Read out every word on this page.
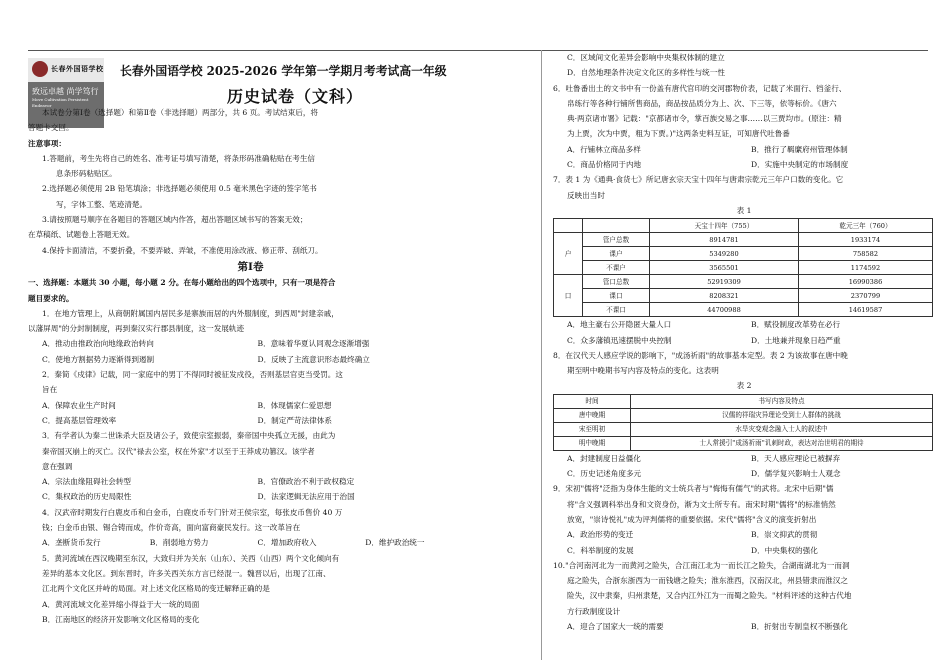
长春外国语学校
致远卓越 尚学笃行
Move Cultivation Persistent Endeavor
长春外国语学校 2025-2026 学年第一学期月考考试高一年级
历史试卷（文科）

本试卷分第Ⅰ卷（选择题）和第Ⅱ卷（非选择题）两部分，共 6 页。考试结束后，将

答题卡交回。

注意事项：

1.答题前，考生先将自己的姓名、准考证号填写清楚，将条形码准确粘贴在考生信

息条形码粘贴区。

2.选择题必须使用 2B 铅笔填涂；非选择题必须使用 0.5 毫米黑色字迹的签字笔书

写，字体工整、笔迹清楚。

3.请按照题号顺序在各题目的答题区域内作答，超出答题区域书写的答案无效；

在草稿纸、试题卷上答题无效。

4.保持卡面清洁，不要折叠，不要弄破、弄皱，不准使用涂改液、修正带、刮纸刀。

第Ⅰ卷

一、选择题：本题共 30 小题，每小题 2 分。在每小题给出的四个选项中，只有一项是符合

题目要求的。

1．在地方管理上，从商朝附属国内居民多是寨族而居的内外服制度，到西周"封建亲戚，

以藩屏周"的分封制制度，再到秦汉实行郡县制度，这一发展轨迹

A．推动由推政治向地缘政治转向	B．意味着华夏认同观念逐渐增强
C．使地方割据势力逐渐得到遏制	D．反映了主流意识形态最终确立

2．秦简《戍律》记载，同一家庭中的男丁不得同时被征发戍役，否则基层官吏当受罚。这

旨在

A．保障农业生产时间	B．体现儒家仁爱思想
C．提高基层管理效率	D．制定严苛法律体系

3．有学者认为秦二世诛杀大臣及诸公子，致使宗室振弱，秦帝国中央孤立无援，由此为

秦帝国灭崩上的灭亡。汉代"禄去公室，权在外家"才以至于王莽成功篡汉。该学者

意在强调

A．宗法血缘阻碍社会转型	B．官僚政治不利于政权稳定
C．集权政治的历史局限性	D．法家逻辑无法应用于治国

4．汉武帝时期发行白鹿皮币和白金币，白鹿皮币专门针对王侯宗室，每张皮币售价 40 万

钱；白金币由银、锡合铸而成，作价奇高，面向富商豪民发行。这一改革旨在

A．垄断货币发行	B．削弱地方势力	C．增加政府收入	D．维护政治统一

5．黄河流域在西汉晚期至东汉，大致归并为关东（山东）、关西（山西）两个文化倾向有

差异的基本文化区。到东晋时，许多关西关东方言已经混一。魏晋以后，出现了江南、

江北两个文化区并峙的局面。对上述文化区格局的变迁解释正确的是

A．黄河流域文化差异缩小得益于大一统的局面

B．江南地区的经济开发影响文化区格局的变化

C．区域间文化差异会影响中央集权体制的建立

D．自然地理条件决定文化区的多样性与统一性

6．吐鲁番出土的文书中有一份盖有唐代官印的交河郡物价表，记载了米面行、铛釜行、

帛练行等各种行铺所售商品，商品按品质分为上、次、下三等，依等标价。《唐六

典·两京诸市署》记载："京都诸市令，掌百族交易之事……以三贾均市。(原注：精

为上贾，次为中贾，粗为下贾。)"这两条史料互证，可知唐代吐鲁番

A．行铺林立商品多样	B．推行了羁縻府州管理体制
C．商品价格同于内地	D．实施中央制定的市场制度

7．表 1 为《通典·食货七》所记唐玄宗天宝十四年与唐肃宗乾元三年户口数的变化。它

反映出当时

表 1

		天宝十四年（755）	乾元三年（760）
户	管户总数	8914781	1933174
	课户	5349280	758582
	不课户	3565501	1174592
口	管口总数	52919309	16990386
	课口	8208321	2370799
	不课口	44700988	14619587
A．地主豪右公开隐匿大量人口	B．赋役制度改革势在必行
C．众多藩镇迅速摆脱中央控制	D．土地兼并现象日趋严重

8．在汉代天人感应学说的影响下，"成汤祈雨"的故事基本定型。表 2 为该故事在唐中晚

期至明中晚期书写内容及特点的变化。这表明

表 2

时间	书写内容及特点
唐中晚期	汉儒的祥瑞灾异理论受到士人群体的挑战
宋至明初	水旱灾变观念融入士人的叙述中
明中晚期	士人常援引"成汤祈雨"讥刺时政，表达对治世明君的期待
A．封建制度日益僵化	B．天人感应理论已被摒弃
C．历史记述角度多元	D．儒学复兴影响士人观念

9．宋初"儒将"泛指为身体生能的文士统兵者与"悔悔有儒气"的武将。北宋中后期"儒

将"含义强调科举出身和文资身份，渐为文士所专有。南宋时期"儒将"的标准悄然

放宽，"崇诗悦礼"成为评判儒将的重要依据。宋代"儒将"含义的演变折射出

A．政治形势的变迁	B．崇文抑武的贯彻
C．科举制度的发展	D．中央集权的强化

10."合河南河北为一而黄河之险失，合江南江北为一而长江之险失，合湖南湖北为一而洞

庭之险失，合浙东浙西为一而钱塘之险失；淮东淮西，汉南汉北，州县错隶而淮汉之

险失，汉中隶秦，归州隶楚，又合内江外江为一而蜀之险失。"材料评述的这种古代地

方行政制度设计

A．迎合了国家大一统的需要	B．折射出专制皇权不断强化
